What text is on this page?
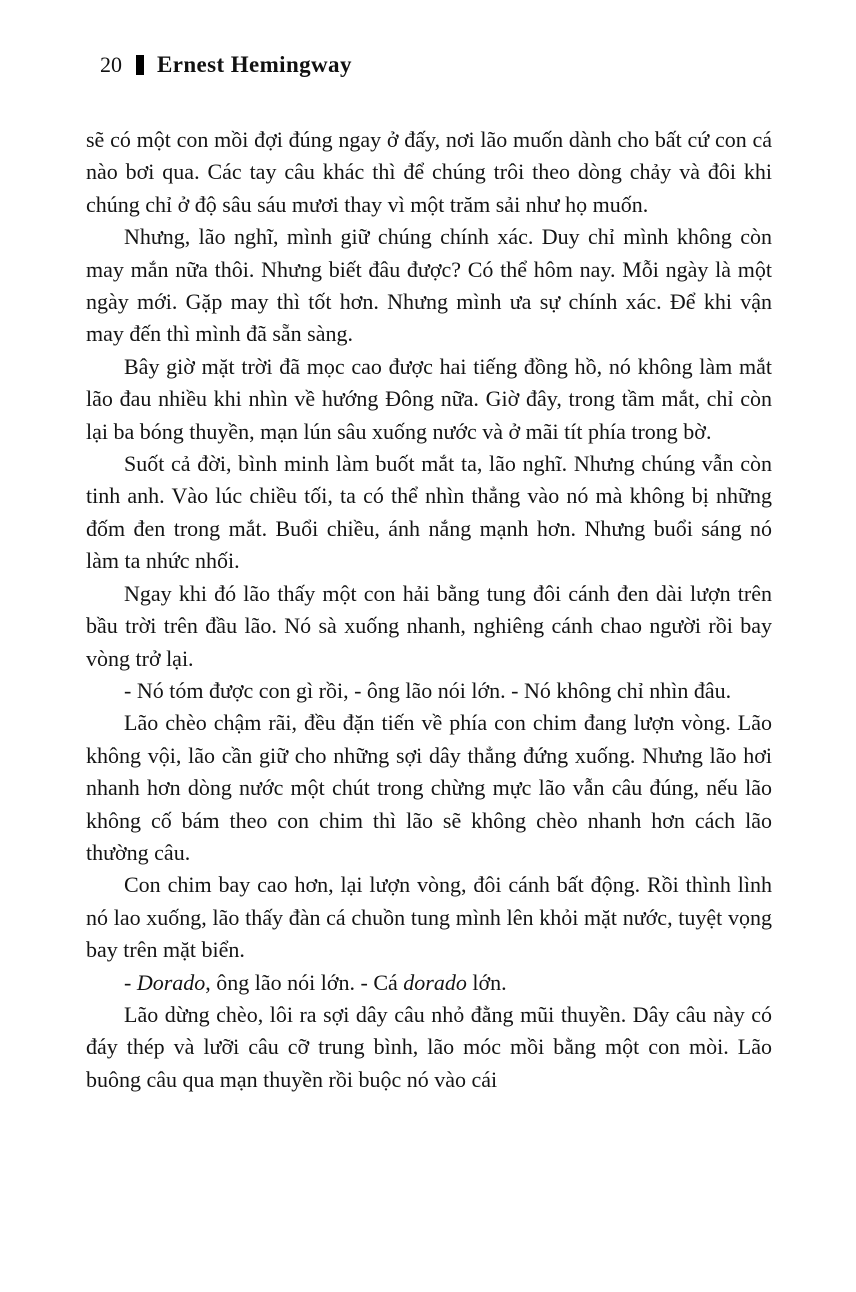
20 Ernest Hemingway

sẽ có một con mồi đợi đúng ngay ở đấy, nơi lão muốn dành cho bất cứ con cá nào bơi qua. Các tay câu khác thì để chúng trôi theo dòng chảy và đôi khi chúng chỉ ở độ sâu sáu mươi thay vì một trăm sải như họ muốn.

Nhưng, lão nghĩ, mình giữ chúng chính xác. Duy chỉ mình không còn may mắn nữa thôi. Nhưng biết đâu được? Có thể hôm nay. Mỗi ngày là một ngày mới. Gặp may thì tốt hơn. Nhưng mình ưa sự chính xác. Để khi vận may đến thì mình đã sẵn sàng.

Bây giờ mặt trời đã mọc cao được hai tiếng đồng hồ, nó không làm mắt lão đau nhiều khi nhìn về hướng Đông nữa. Giờ đây, trong tầm mắt, chỉ còn lại ba bóng thuyền, mạn lún sâu xuống nước và ở mãi tít phía trong bờ.

Suốt cả đời, bình minh làm buốt mắt ta, lão nghĩ. Nhưng chúng vẫn còn tinh anh. Vào lúc chiều tối, ta có thể nhìn thẳng vào nó mà không bị những đốm đen trong mắt. Buổi chiều, ánh nắng mạnh hơn. Nhưng buổi sáng nó làm ta nhức nhối.

Ngay khi đó lão thấy một con hải bằng tung đôi cánh đen dài lượn trên bầu trời trên đầu lão. Nó sà xuống nhanh, nghiêng cánh chao người rồi bay vòng trở lại.

- Nó tóm được con gì rồi, - ông lão nói lớn. - Nó không chỉ nhìn đâu.

Lão chèo chậm rãi, đều đặn tiến về phía con chim đang lượn vòng. Lão không vội, lão cần giữ cho những sợi dây thẳng đứng xuống. Nhưng lão hơi nhanh hơn dòng nước một chút trong chừng mực lão vẫn câu đúng, nếu lão không cố bám theo con chim thì lão sẽ không chèo nhanh hơn cách lão thường câu.

Con chim bay cao hơn, lại lượn vòng, đôi cánh bất động. Rồi thình lình nó lao xuống, lão thấy đàn cá chuồn tung mình lên khỏi mặt nước, tuyệt vọng bay trên mặt biển.

- Dorado, ông lão nói lớn. - Cá dorado lớn.

Lão dừng chèo, lôi ra sợi dây câu nhỏ đằng mũi thuyền. Dây câu này có đáy thép và lưỡi câu cỡ trung bình, lão móc mồi bằng một con mòi. Lão buông câu qua mạn thuyền rồi buộc nó vào cái
